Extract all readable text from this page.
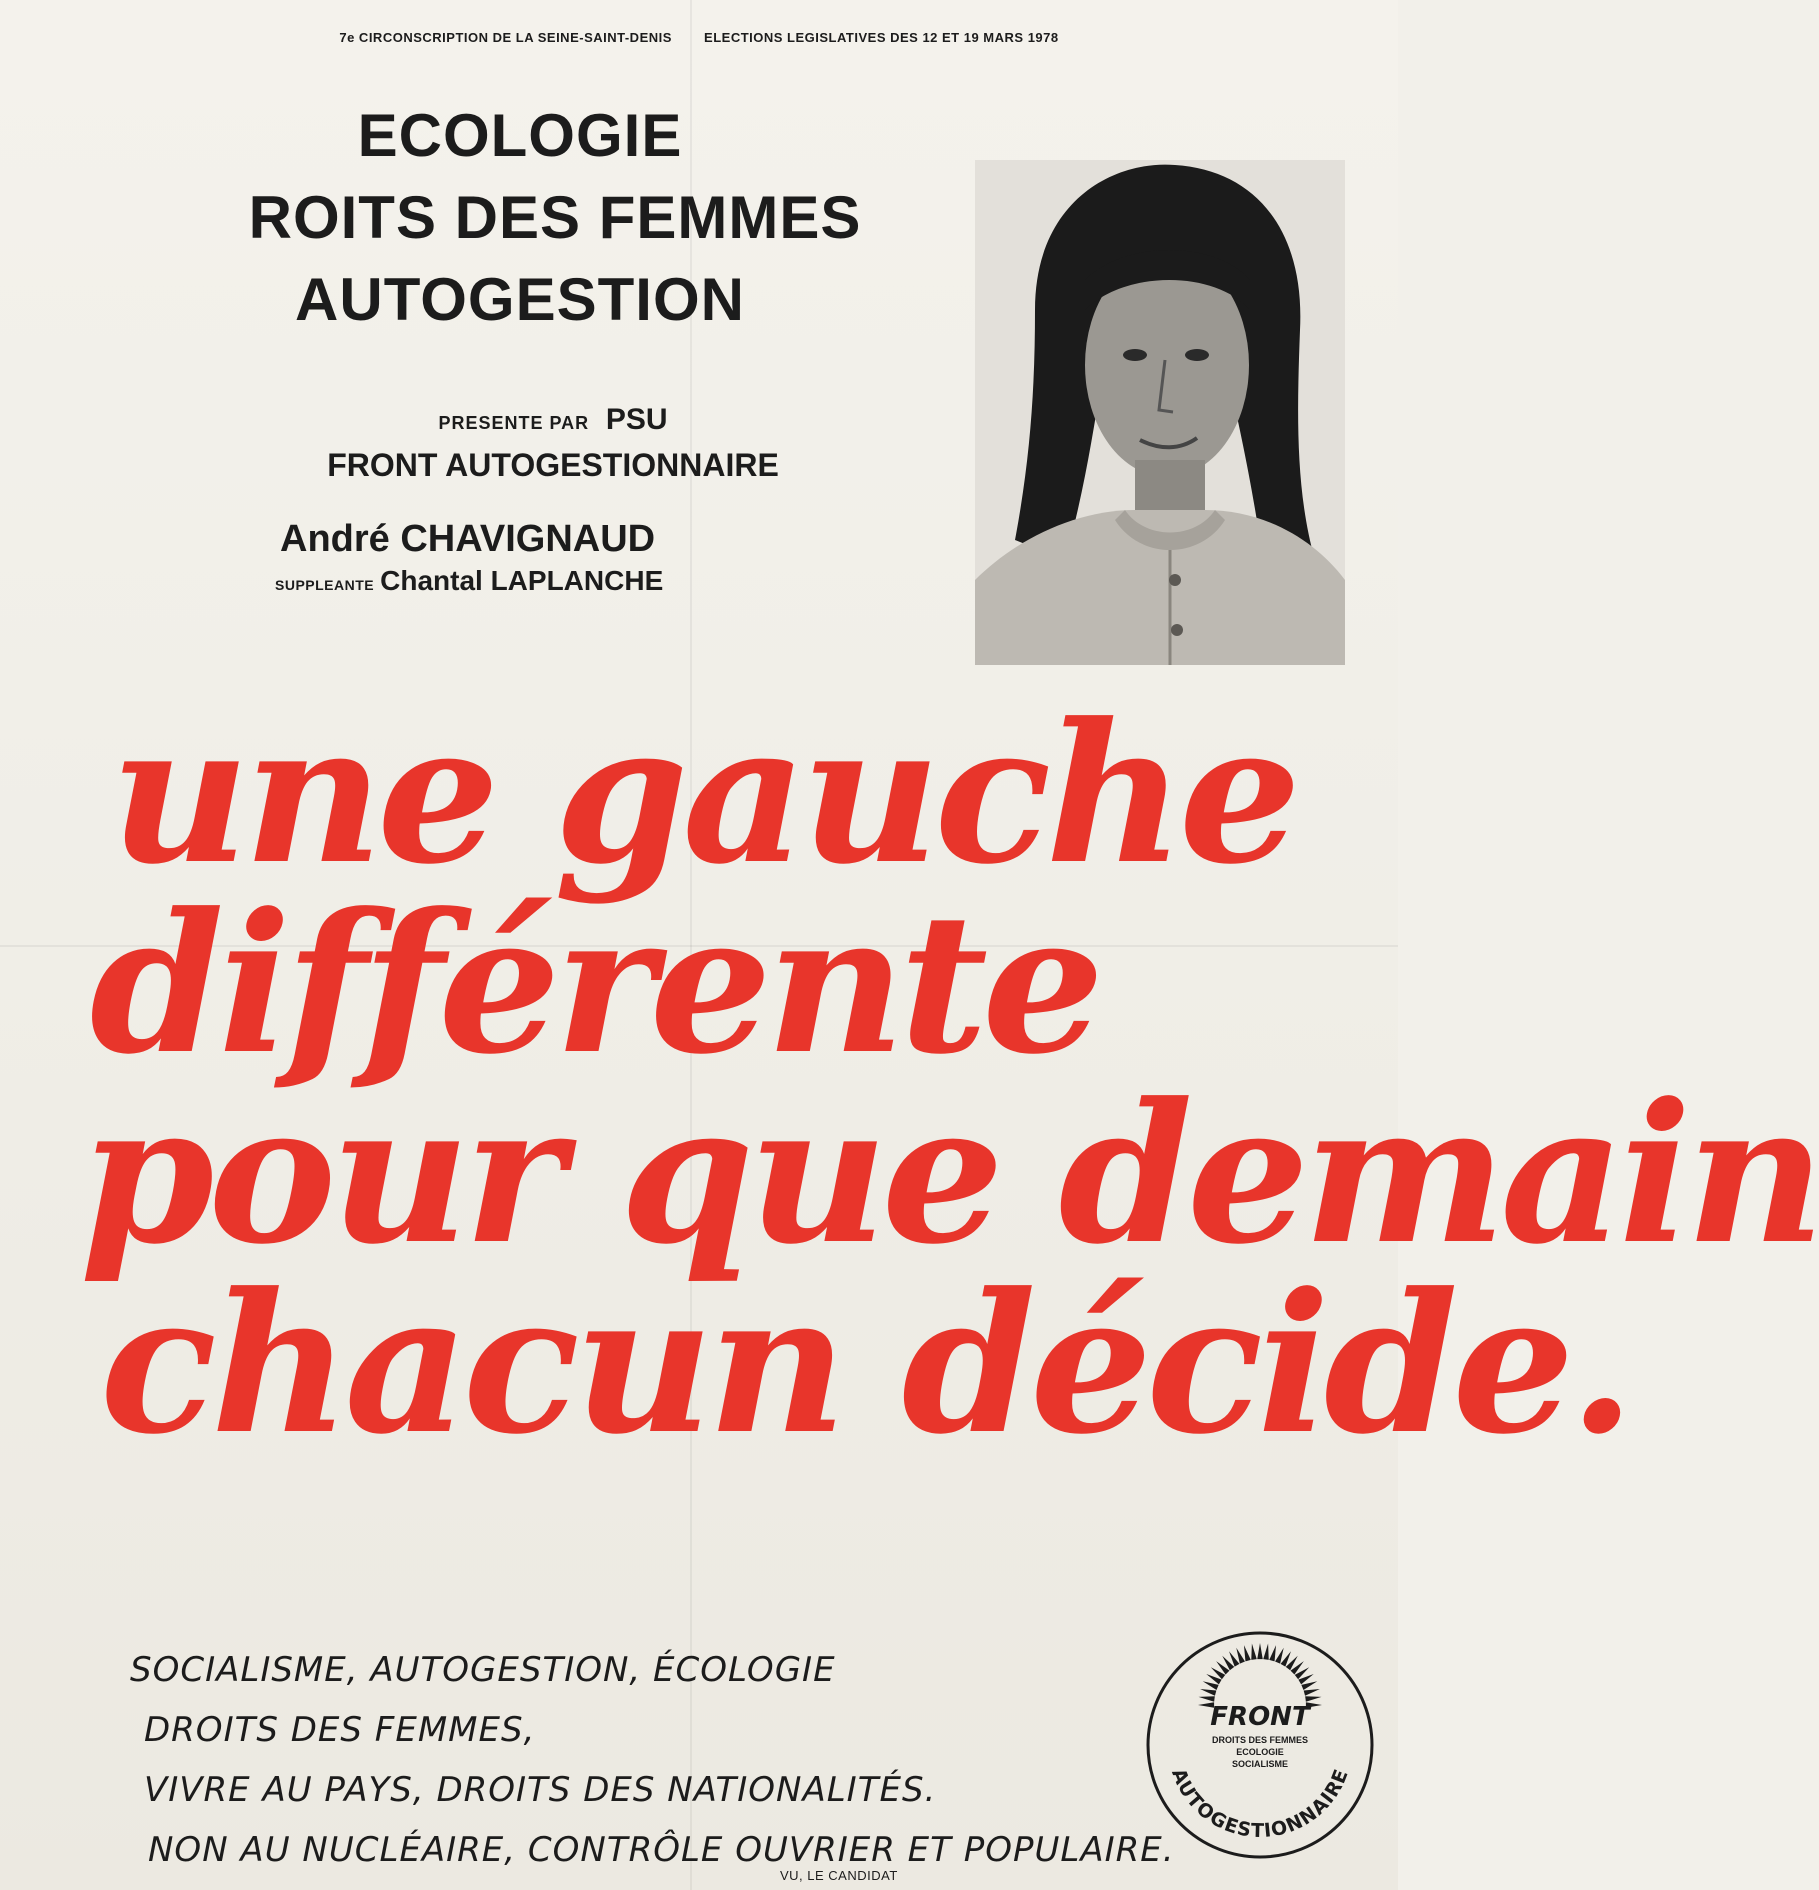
7e CIRCONSCRIPTION DE LA SEINE-SAINT-DENIS ELECTIONS LEGISLATIVES DES 12 ET 19 MARS 1978
ECOLOGIE
ROITS DES FEMMES
AUTOGESTION
PRESENTE PAR PSU
FRONT AUTOGESTIONNAIRE
André CHAVIGNAUD
SUPPLEANTE Chantal LAPLANCHE
une gauche
différente
pour que demain
chacun décide.
SOCIALISME, AUTOGESTION, ÉCOLOGIE
DROITS DES FEMMES,
VIVRE AU PAYS, DROITS DES NATIONALITÉS.
NON AU NUCLÉAIRE, CONTRÔLE OUVRIER ET POPULAIRE.
VU, LE CANDIDAT
FRONT
DROITS DES FEMMES
ECOLOGIE
SOCIALISME
AUTOGESTIONNAIRE
